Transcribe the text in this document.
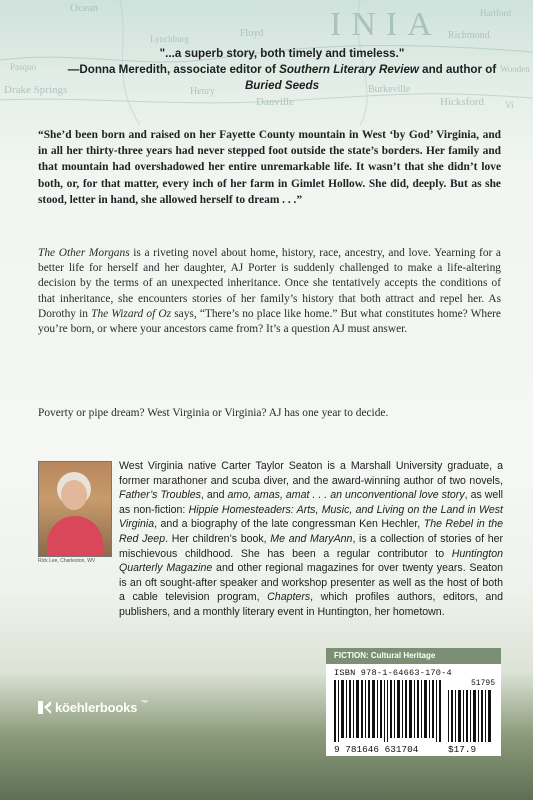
Ocean	INIA
Floyd	Richmond
Hartford
Lynchburg
Drake Springs	Henry
Danville
Burkeville
Hicksford
Pasquo	Wooden
Vi
"...a superb story, both timely and timeless."
—Donna Meredith, associate editor of Southern Literary Review and author of Buried Seeds
“She’d been born and raised on her Fayette County mountain in West ‘by God’ Virginia, and in all her thirty-three years had never stepped foot outside the state’s borders. Her family and that mountain had overshadowed her entire unremarkable life. It wasn’t that she didn’t love both, or, for that matter, every inch of her farm in Gimlet Hollow. She did, deeply. But as she stood, letter in hand, she allowed herself to dream . . .”
The Other Morgans is a riveting novel about home, history, race, ancestry, and love. Yearning for a better life for herself and her daughter, AJ Porter is suddenly challenged to make a life-altering decision by the terms of an unexpected inheritance. Once she tentatively accepts the conditions of that inheritance, she encounters stories of her family’s history that both attract and repel her. As Dorothy in The Wizard of Oz says, “There’s no place like home.” But what constitutes home? Where you’re born, or where your ancestors came from? It’s a question AJ must answer.
Poverty or pipe dream? West Virginia or Virginia? AJ has one year to decide.
Rick Lee, Charleston, WV
West Virginia native Carter Taylor Seaton is a Marshall University graduate, a former marathoner and scuba diver, and the award-winning author of two novels, Father’s Troubles, and amo, amas, amat . . . an unconventional love story, as well as non-fiction: Hippie Homesteaders: Arts, Music, and Living on the Land in West Virginia, and a biography of the late congressman Ken Hechler, The Rebel in the Red Jeep. Her children’s book, Me and MaryAnn, is a collection of stories of her mischievous childhood. She has been a regular contributor to Huntington Quarterly Magazine and other regional magazines for over twenty years. Seaton is an oft sought-after speaker and workshop presenter as well as the host of both a cable television program, Chapters, which profiles authors, editors, and publishers, and a monthly literary event in Huntington, her hometown.
FICTION: Cultural Heritage
ISBN 978-1-64663-170-4
51795
9 781646 631704	$17.9
köehlerbooks ™
